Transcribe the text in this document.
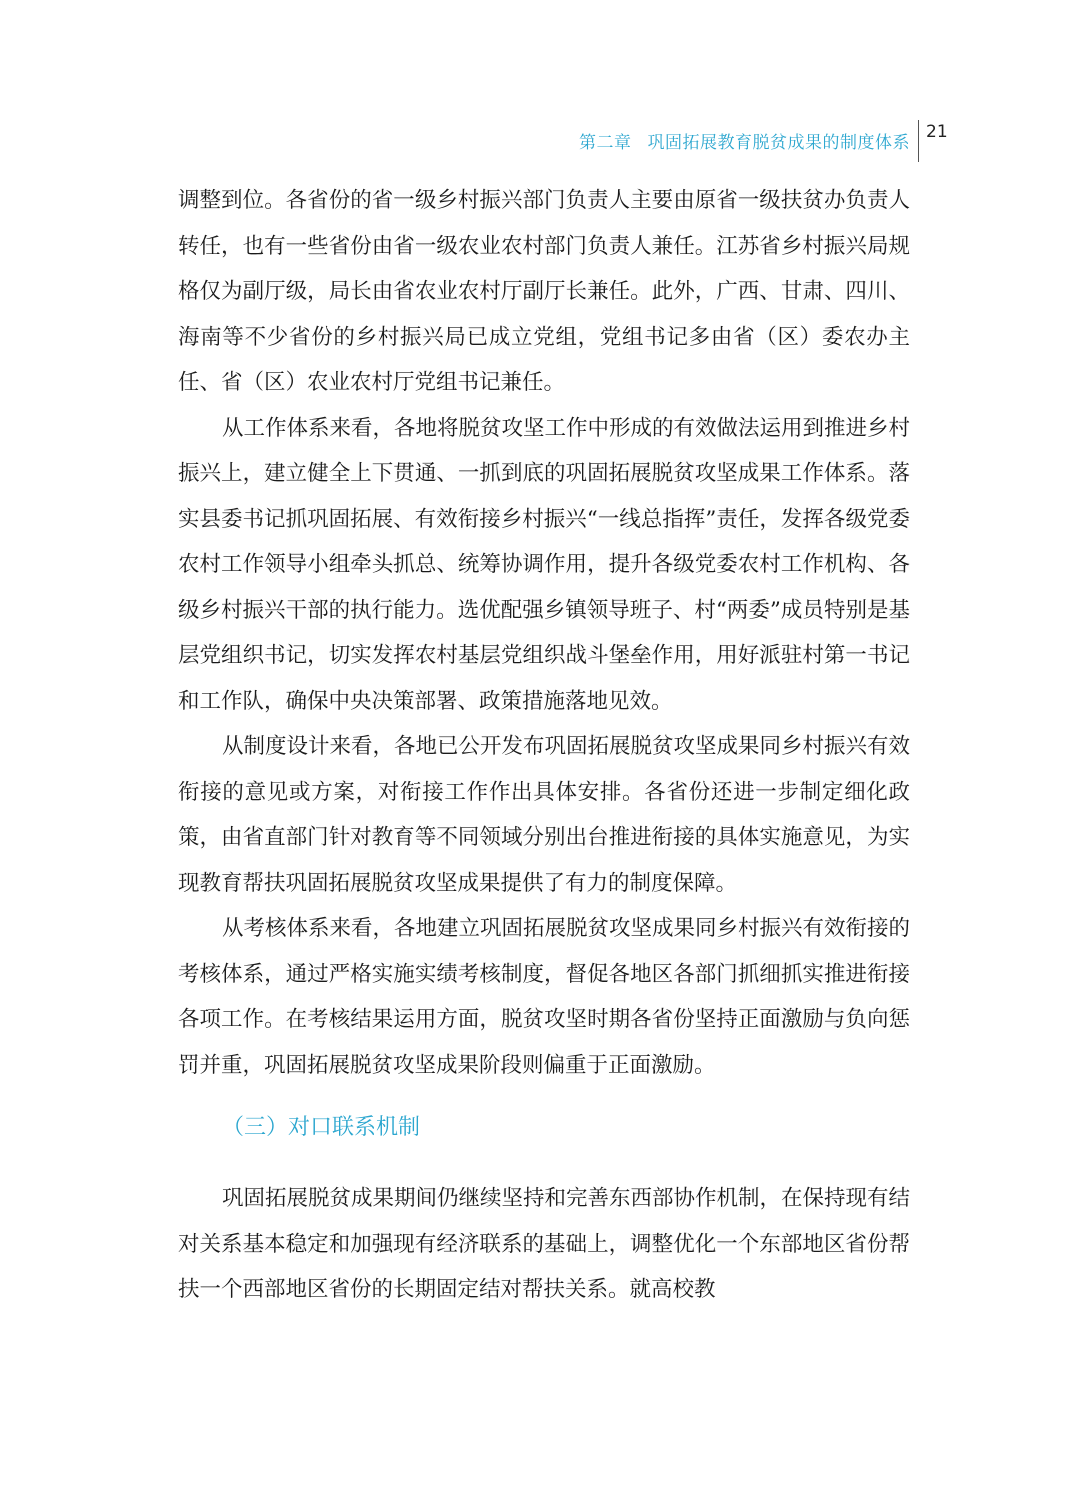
第二章 巩固拓展教育脱贫成果的制度体系
21

调整到位。各省份的省一级乡村振兴部门负责人主要由原省一级扶贫办负责人转任，也有一些省份由省一级农业农村部门负责人兼任。江苏省乡村振兴局规格仅为副厅级，局长由省农业农村厅副厅长兼任。此外，广西、甘肃、四川、海南等不少省份的乡村振兴局已成立党组，党组书记多由省（区）委农办主任、省（区）农业农村厅党组书记兼任。

从工作体系来看，各地将脱贫攻坚工作中形成的有效做法运用到推进乡村振兴上，建立健全上下贯通、一抓到底的巩固拓展脱贫攻坚成果工作体系。落实县委书记抓巩固拓展、有效衔接乡村振兴“一线总指挥”责任，发挥各级党委农村工作领导小组牵头抓总、统筹协调作用，提升各级党委农村工作机构、各级乡村振兴干部的执行能力。选优配强乡镇领导班子、村“两委”成员特别是基层党组织书记，切实发挥农村基层党组织战斗堡垒作用，用好派驻村第一书记和工作队，确保中央决策部署、政策措施落地见效。

从制度设计来看，各地已公开发布巩固拓展脱贫攻坚成果同乡村振兴有效衔接的意见或方案，对衔接工作作出具体安排。各省份还进一步制定细化政策，由省直部门针对教育等不同领域分别出台推进衔接的具体实施意见，为实现教育帮扶巩固拓展脱贫攻坚成果提供了有力的制度保障。

从考核体系来看，各地建立巩固拓展脱贫攻坚成果同乡村振兴有效衔接的考核体系，通过严格实施实绩考核制度，督促各地区各部门抓细抓实推进衔接各项工作。在考核结果运用方面，脱贫攻坚时期各省份坚持正面激励与负向惩罚并重，巩固拓展脱贫攻坚成果阶段则偏重于正面激励。

（三）对口联系机制

巩固拓展脱贫成果期间仍继续坚持和完善东西部协作机制，在保持现有结对关系基本稳定和加强现有经济联系的基础上，调整优化一个东部地区省份帮扶一个西部地区省份的长期固定结对帮扶关系。就高校教
